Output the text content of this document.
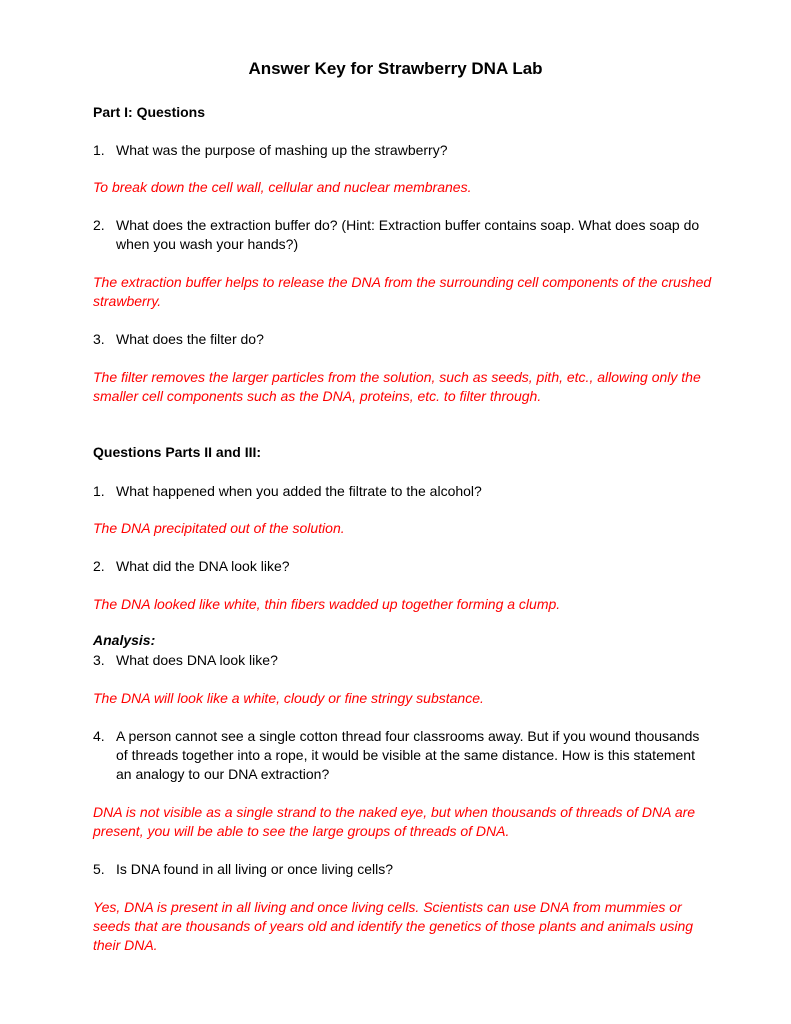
Answer Key for Strawberry DNA Lab
Part I: Questions
1. What was the purpose of mashing up the strawberry?
To break down the cell wall, cellular and nuclear membranes.
2. What does the extraction buffer do? (Hint: Extraction buffer contains soap. What does soap do when you wash your hands?)
The extraction buffer helps to release the DNA from the surrounding cell components of the crushed strawberry.
3. What does the filter do?
The filter removes the larger particles from the solution, such as seeds, pith, etc., allowing only the smaller cell components such as the DNA, proteins, etc. to filter through.
Questions Parts II and III:
1. What happened when you added the filtrate to the alcohol?
The DNA precipitated out of the solution.
2. What did the DNA look like?
The DNA looked like white, thin fibers wadded up together forming a clump.
Analysis:
3. What does DNA look like?
The DNA will look like a white, cloudy or fine stringy substance.
4. A person cannot see a single cotton thread four classrooms away. But if you wound thousands of threads together into a rope, it would be visible at the same distance. How is this statement an analogy to our DNA extraction?
DNA is not visible as a single strand to the naked eye, but when thousands of threads of DNA are present, you will be able to see the large groups of threads of DNA.
5. Is DNA found in all living or once living cells?
Yes, DNA is present in all living and once living cells. Scientists can use DNA from mummies or seeds that are thousands of years old and identify the genetics of those plants and animals using their DNA.
